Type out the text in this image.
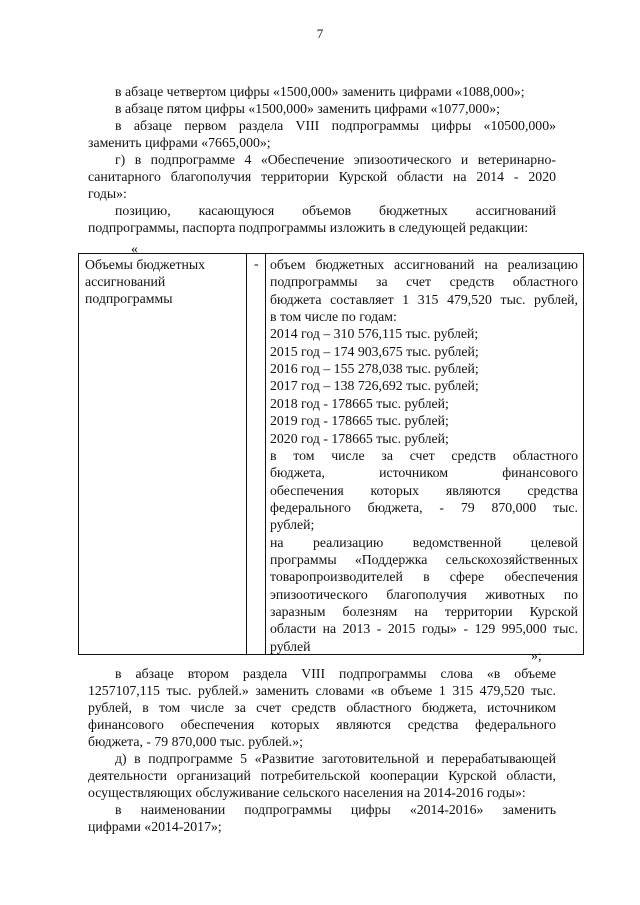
7
в абзаце четвертом цифры «1500,000» заменить цифрами «1088,000»;
в абзаце пятом цифры «1500,000» заменить цифрами «1077,000»;
в абзаце первом раздела VIII подпрограммы цифры «10500,000»
заменить цифрами «7665,000»;
г) в подпрограмме 4 «Обеспечение эпизоотического и ветеринарно-
санитарного благополучия территории Курской области на 2014 - 2020
годы»:
позицию, касающуюся объемов бюджетных ассигнований
подпрограммы, паспорта подпрограммы изложить в следующей редакции:
«
Объемы бюджетных
ассигнований
подпрограммы
- объем бюджетных ассигнований на реализацию
подпрограммы за счет средств областного
бюджета составляет 1 315 479,520 тыс. рублей,
в том числе по годам:
2014 год – 310 576,115 тыс. рублей;
2015 год – 174 903,675 тыс. рублей;
2016 год – 155 278,038 тыс. рублей;
2017 год – 138 726,692 тыс. рублей;
2018 год - 178665 тыс. рублей;
2019 год - 178665 тыс. рублей;
2020 год - 178665 тыс. рублей;
в том числе за счет средств областного
бюджета, источником финансового
обеспечения которых являются средства
федерального бюджета, - 79 870,000 тыс.
рублей;
на реализацию ведомственной целевой
программы «Поддержка сельскохозяйственных
товаропроизводителей в сфере обеспечения
эпизоотического благополучия животных по
заразным болезням на территории Курской
области на 2013 - 2015 годы» - 129 995,000 тыс.
рублей
»;
в абзаце втором раздела VIII подпрограммы слова «в объеме
1257107,115 тыс. рублей.» заменить словами «в объеме 1 315 479,520 тыс.
рублей, в том числе за счет средств областного бюджета, источником
финансового обеспечения которых являются средства федерального
бюджета, - 79 870,000 тыс. рублей.»;
д) в подпрограмме 5 «Развитие заготовительной и перерабатывающей
деятельности организаций потребительской кооперации Курской области,
осуществляющих обслуживание сельского населения на 2014-2016 годы»:
в наименовании подпрограммы цифры «2014-2016» заменить
цифрами «2014-2017»;
